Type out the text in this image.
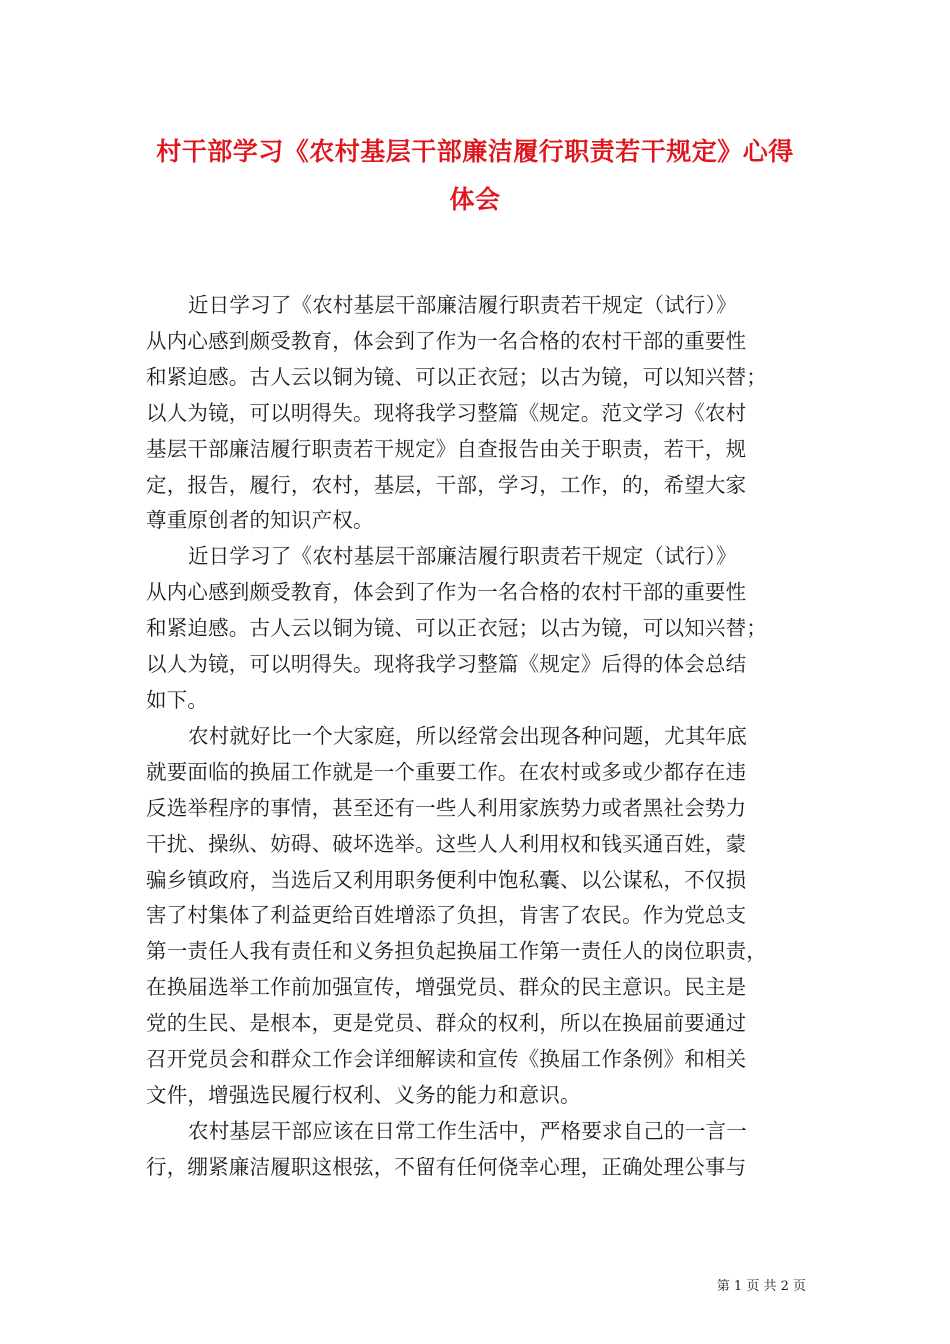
村干部学习《农村基层干部廉洁履行职责若干规定》心得
体会

近日学习了《农村基层干部廉洁履行职责若干规定（试行）》
从内心感到颇受教育，体会到了作为一名合格的农村干部的重要性
和紧迫感。古人云以铜为镜、可以正衣冠；以古为镜，可以知兴替；
以人为镜，可以明得失。现将我学习整篇《规定。范文学习《农村
基层干部廉洁履行职责若干规定》自查报告由关于职责，若干，规
定，报告，履行，农村，基层，干部，学习，工作，的，希望大家
尊重原创者的知识产权。

近日学习了《农村基层干部廉洁履行职责若干规定（试行）》
从内心感到颇受教育，体会到了作为一名合格的农村干部的重要性
和紧迫感。古人云以铜为镜、可以正衣冠；以古为镜，可以知兴替；
以人为镜，可以明得失。现将我学习整篇《规定》后得的体会总结
如下。

农村就好比一个大家庭，所以经常会出现各种问题，尤其年底
就要面临的换届工作就是一个重要工作。在农村或多或少都存在违
反选举程序的事情，甚至还有一些人利用家族势力或者黑社会势力
干扰、操纵、妨碍、破坏选举。这些人人利用权和钱买通百姓，蒙
骗乡镇政府，当选后又利用职务便利中饱私囊、以公谋私，不仅损
害了村集体了利益更给百姓增添了负担，肯害了农民。作为党总支
第一责任人我有责任和义务担负起换届工作第一责任人的岗位职责，
在换届选举工作前加强宣传，增强党员、群众的民主意识。民主是
党的生民、是根本，更是党员、群众的权利，所以在换届前要通过
召开党员会和群众工作会详细解读和宣传《换届工作条例》和相关
文件，增强选民履行权利、义务的能力和意识。

农村基层干部应该在日常工作生活中，严格要求自己的一言一
行，绷紧廉洁履职这根弦，不留有任何侥幸心理，正确处理公事与

第 1 页 共 2 页
